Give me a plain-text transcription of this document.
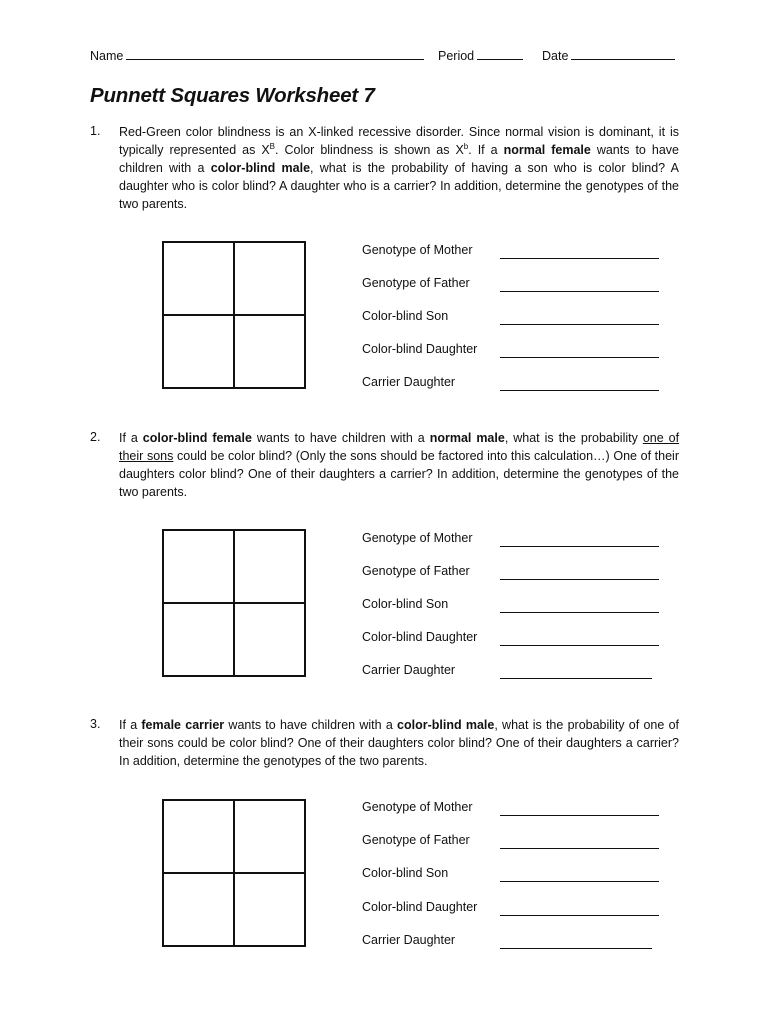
Name	Period	Date
Punnett Squares Worksheet 7
1. Red-Green color blindness is an X-linked recessive disorder. Since normal vision is dominant, it is typically represented as $X^B$. Color blindness is shown as $X^b$. If a normal female wants to have children with a color-blind male, what is the probability of having a son who is color blind? A daughter who is color blind? A daughter who is a carrier? In addition, determine the genotypes of the two parents.

Genotype of Mother
Genotype of Father
Color-blind Son
Color-blind Daughter
Carrier Daughter
2. If a color-blind female wants to have children with a normal male, what is the probability one of their sons could be color blind? (Only the sons should be factored into this calculation…) One of their daughters color blind? One of their daughters a carrier? In addition, determine the genotypes of the two parents.

Genotype of Mother
Genotype of Father
Color-blind Son
Color-blind Daughter
Carrier Daughter
3. If a female carrier wants to have children with a color-blind male, what is the probability of one of their sons could be color blind? One of their daughters color blind? One of their daughters a carrier? In addition, determine the genotypes of the two parents.

Genotype of Mother
Genotype of Father
Color-blind Son
Color-blind Daughter
Carrier Daughter
